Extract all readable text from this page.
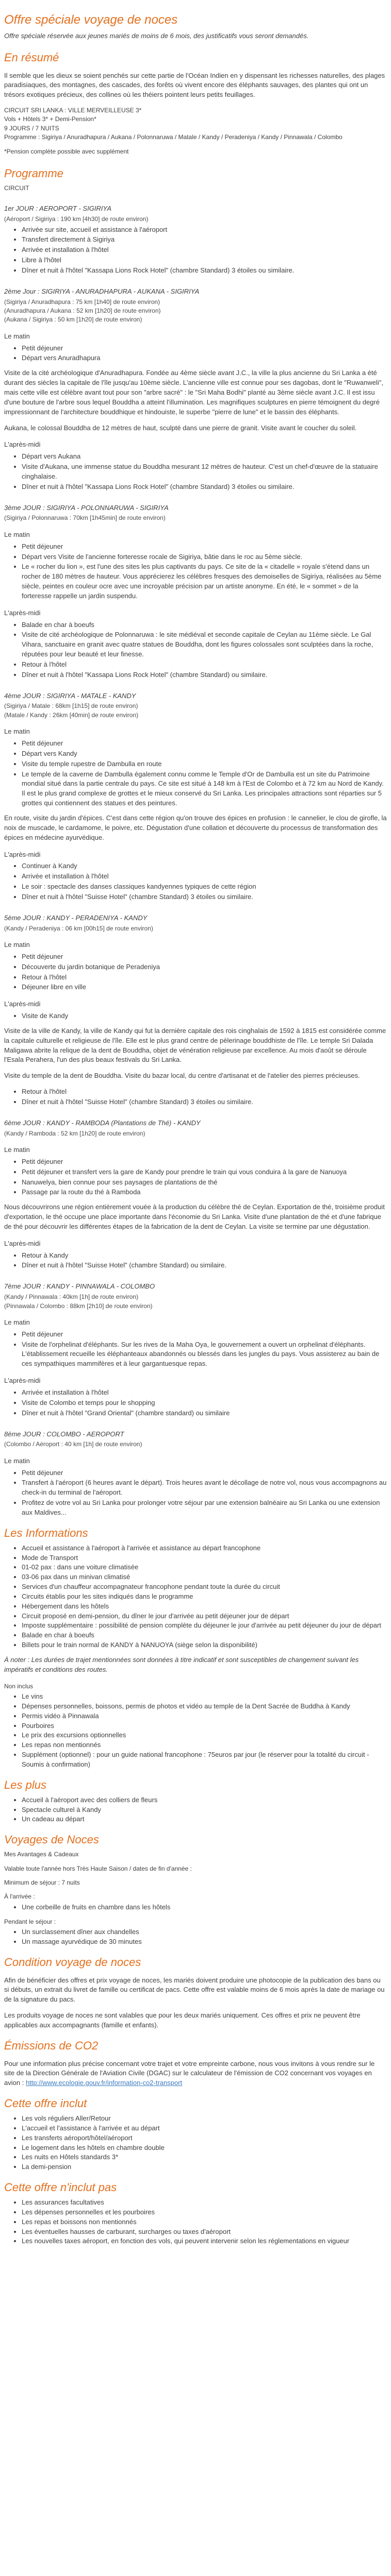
Offre spéciale voyage de noces

Offre spéciale réservée aux jeunes mariés de moins de 6 mois, des justificatifs vous seront demandés.

En résumé

Il semble que les dieux se soient penchés sur cette partie de l'Océan Indien en y dispensant les richesses naturelles, des plages paradisiaques, des montagnes, des cascades, des forêts où vivent encore des éléphants sauvages, des plantes qui ont un trésors exotiques précieux, des collines où les théiers pointent leurs petits feuillages.

CIRCUIT SRI LANKA : VILLE MERVEILLEUSE 3*

Vols + Hôtels 3* + Demi-Pension*

9 JOURS / 7 NUITS

Programme : Sigiriya / Anuradhapura / Aukana / Polonnaruwa / Matale / Kandy / Peradeniya / Kandy / Pinnawala / Colombo

*Pension complète possible avec supplément

Programme

CIRCUIT

1er JOUR : AEROPORT - SIGIRIYA

(Aéroport / Sigiriya : 190 km [4h30] de route environ)

• Arrivée sur site, accueil et assistance à l'aéroport
• Transfert directement à Sigiriya
• Arrivée et installation à l'hôtel
• Libre à l'hôtel
• Dîner et nuit à l'hôtel "Kassapa Lions Rock Hotel" (chambre Standard) 3 étoiles ou similaire.

2ème Jour : SIGIRIYA - ANURADHAPURA - AUKANA - SIGIRIYA

(Sigiriya / Anuradhapura : 75 km [1h40] de route environ)

(Anuradhapura / Aukana : 52 km [1h20] de route environ)

(Aukana / Sigiriya : 50 km [1h20] de route environ)

Le matin

• Petit déjeuner
• Départ vers Anuradhapura

Visite de la cité archéologique d'Anuradhapura. Fondée au 4ème siècle avant J.C., la ville la plus ancienne du Sri Lanka a été durant des siècles la capitale de l'île jusqu'au 10ème siècle. L'ancienne ville est connue pour ses dagobas, dont le "Ruwanweli", mais cette ville est célèbre avant tout pour son "arbre sacré" : le "Sri Maha Bodhi" planté au 3ème siècle avant J.C. Il est issu d'une bouture de l'arbre sous lequel Bouddha a atteint l'illumination. Les magnifiques sculptures en pierre témoignent du degré impressionnant de l'architecture bouddhique et hindouiste, le superbe "pierre de lune" et le bassin des éléphants.

Aukana, le colossal Bouddha de 12 mètres de haut, sculpté dans une pierre de granit. Visite avant le coucher du soleil.

L'après-midi

• Départ vers Aukana
• Visite d'Aukana, une immense statue du Bouddha mesurant 12 mètres de hauteur. C'est un chef-d'œuvre de la statuaire cinghalaise.
• Dîner et nuit à l'hôtel "Kassapa Lions Rock Hotel" (chambre Standard) 3 étoiles ou similaire.

3ème JOUR : SIGIRIYA - POLONNARUWA - SIGIRIYA

(Sigiriya / Polonnaruwa : 70km [1h45min] de route environ)

Le matin

• Petit déjeuner
• Départ vers Visite de l'ancienne forteresse rocale de Sigiriya, bâtie dans le roc au 5ème siècle.
• Le « rocher du lion », est l'une des sites les plus captivants du pays. Ce site de la « citadelle » royale s'étend dans un rocher de 180 mètres de hauteur. Vous apprécierez les célèbres fresques des demoiselles de Sigiriya, réalisées au 5ème siècle, peintes en couleur ocre avec une incroyable précision par un artiste anonyme. En été, le « sommet » de la forteresse rappelle un jardin suspendu.

L'après-midi

• Balade en char à boeufs
• Visite de cité archéologique de Polonnaruwa : le site médiéval et seconde capitale de Ceylan au 11ème siècle. Le Gal Vihara, sanctuaire en granit avec quatre statues de Bouddha, dont les figures colossales sont sculptées dans la roche, réputées pour leur beauté et leur finesse.
• Retour à l'hôtel
• Dîner et nuit à l'hôtel "Kassapa Lions Rock Hotel" (chambre Standard) ou similaire.

4ème JOUR : SIGIRIYA - MATALE - KANDY

(Sigiriya / Matale : 68km [1h15] de route environ)

(Matale / Kandy : 26km [40min] de route environ)

Le matin

• Petit déjeuner
• Départ vers Kandy
• Visite du temple rupestre de Dambulla en route
• Le temple de la caverne de Dambulla également connu comme le Temple d'Or de Dambulla est un site du Patrimoine mondial situé dans la partie centrale du pays. Ce site est situé à 148 km à l'Est de Colombo et à 72 km au Nord de Kandy. Il est le plus grand complexe de grottes et le mieux conservé du Sri Lanka. Les principales attractions sont réparties sur 5 grottes qui contiennent des statues et des peintures.

En route, visite du jardin d'épices. C'est dans cette région qu'on trouve des épices en profusion : le cannelier, le clou de girofle, la noix de muscade, le cardamome, le poivre, etc. Dégustation d'une collation et découverte du processus de transformation des épices en médecine ayurvédique.

L'après-midi

• Continuer à Kandy
• Arrivée et installation à l'hôtel
• Le soir : spectacle des danses classiques kandyennes typiques de cette région
• Dîner et nuit à l'hôtel "Suisse Hotel" (chambre Standard) 3 étoiles ou similaire.

5ème JOUR : KANDY - PERADENIYA - KANDY

(Kandy / Peradeniya : 06 km [00h15] de route environ)

Le matin

• Petit déjeuner
• Découverte du jardin botanique de Peradeniya
• Retour à l'hôtel
• Déjeuner libre en ville

L'après-midi

• Visite de Kandy

Visite de la ville de Kandy, la ville de Kandy qui fut la dernière capitale des rois cinghalais de 1592 à 1815 est considérée comme la capitale culturelle et religieuse de l'île. Elle est le plus grand centre de pèlerinage bouddhiste de l'île. Le temple Sri Dalada Maligawa abrite la relique de la dent de Bouddha, objet de vénération religieuse par excellence. Au mois d'août se déroule l'Esala Perahera, l'un des plus beaux festivals du Sri Lanka.

Visite du temple de la dent de Bouddha. Visite du bazar local, du centre d'artisanat et de l'atelier des pierres précieuses.

• Retour à l'hôtel
• Dîner et nuit à l'hôtel "Suisse Hotel" (chambre Standard) 3 étoiles ou similaire.

6ème JOUR : KANDY - RAMBODA (Plantations de Thé) - KANDY

(Kandy / Ramboda : 52 km [1h20] de route environ)

Le matin

• Petit déjeuner
• Petit déjeuner et transfert vers la gare de Kandy pour prendre le train qui vous conduira à la gare de Nanuoya
• Nanuwelya, bien connue pour ses paysages de plantations de thé
• Passage par la route du thé à Ramboda

Nous découvrirons une région entièrement vouée à la production du célèbre thé de Ceylan. Exportation de thé, troisième produit d'exportation, le thé occupe une place importante dans l'économie du Sri Lanka. Visite d'une plantation de thé et d'une fabrique de thé pour découvrir les différentes étapes de la fabrication de la dent de Ceylan. La visite se termine par une dégustation.

L'après-midi

• Retour à Kandy
• Dîner et nuit à l'hôtel "Suisse Hotel" (chambre Standard) ou similaire.

7ème JOUR : KANDY - PINNAWALA - COLOMBO

(Kandy / Pinnawala : 40km [1h] de route environ)

(Pinnawala / Colombo : 88km [2h10] de route environ)

Le matin

• Petit déjeuner
• Visite de l'orphelinat d'éléphants. Sur les rives de la Maha Oya, le gouvernement a ouvert un orphelinat d'éléphants. L'établissement recueille les éléphanteaux abandonnés ou blessés dans les jungles du pays. Vous assisterez au bain de ces sympathiques mammifères et à leur gargantuesque repas.

L'après-midi

• Arrivée et installation à l'hôtel
• Visite de Colombo et temps pour le shopping
• Dîner et nuit à l'hôtel "Grand Oriental" (chambre standard) ou similaire

8ème JOUR : COLOMBO - AEROPORT

(Colombo / Aéroport : 40 km [1h] de route environ)

Le matin

• Petit déjeuner
• Transfert à l'aéroport (6 heures avant le départ). Trois heures avant le décollage de notre vol, nous vous accompagnons au check-in du terminal de l'aéroport.
• Profitez de votre vol au Sri Lanka pour prolonger votre séjour par une extension balnéaire au Sri Lanka ou une extension aux Maldives...
Les Informations
• Accueil et assistance à l'aéroport à l'arrivée et assistance au départ francophone
• Mode de Transport
• 01-02 pax : dans une voiture climatisée
• 03-06 pax dans un minivan climatisé
• Services d'un chauffeur accompagnateur francophone pendant toute la durée du circuit
• Circuits établis pour les sites indiqués dans le programme
• Hébergement dans les hôtels
• Circuit proposé en demi-pension, du dîner le jour d'arrivée au petit déjeuner jour de départ
• Imposte supplémentaire : possibilité de pension complète du déjeuner le jour d'arrivée au petit déjeuner du jour de départ
• Balade en char à boeufs
• Billets pour le train normal de KANDY à NANUOYA (siège selon la disponibilité)

À noter : Les durées de trajet mentionnées sont données à titre indicatif et sont susceptibles de changement suivant les impératifs et conditions des routes.

Non inclus

• Le vins
• Dépenses personnelles, boissons, permis de photos et vidéo au temple de la Dent Sacrée de Buddha à Kandy
• Permis vidéo à Pinnawala
• Pourboires
• Le prix des excursions optionnelles
• Les repas non mentionnés
• Supplément (optionnel) : pour un guide national francophone : 75euros par jour (le réserver pour la totalité du circuit - Soumis à confirmation)
Les plus
• Accueil à l'aéroport avec des colliers de fleurs
• Spectacle culturel à Kandy
• Un cadeau au départ
Voyages de Noces

Mes Avantages & Cadeaux

Valable toute l'année hors Très Haute Saison / dates de fin d'année :

Minimum de séjour : 7 nuits

À l'arrivée :

• Une corbeille de fruits en chambre dans les hôtels

Pendant le séjour :

• Un surclassement dîner aux chandelles
• Un massage ayurvédique de 30 minutes
Condition voyage de noces

Afin de bénéficier des offres et prix voyage de noces, les mariés doivent produire une photocopie de la publication des bans ou si débuts, un extrait du livret de famille ou certificat de pacs. Cette offre est valable moins de 6 mois après la date de mariage ou de la signature du pacs.

Les produits voyage de noces ne sont valables que pour les deux mariés uniquement. Ces offres et prix ne peuvent être applicables aux accompagnants (famille et enfants).

Émissions de CO2

Pour une information plus précise concernant votre trajet et votre empreinte carbone, nous vous invitons à vous rendre sur le site de la Direction Générale de l'Aviation Civile (DGAC) sur le calculateur de l'émission de CO2 concernant vos voyages en avion : http://www.ecologie.gouv.fr/information-co2-transport

Cette offre inclut
• Les vols réguliers Aller/Retour
• L'accueil et l'assistance à l'arrivée et au départ
• Les transferts aéroport/hôtel/aéroport
• Le logement dans les hôtels en chambre double
• Les nuits en Hôtels standards 3*
• La demi-pension
Cette offre n'inclut pas
• Les assurances facultatives
• Les dépenses personnelles et les pourboires
• Les repas et boissons non mentionnés
• Les éventuelles hausses de carburant, surcharges ou taxes d'aéroport
• Les nouvelles taxes aéroport, en fonction des vols, qui peuvent intervenir selon les réglementations en vigueur
